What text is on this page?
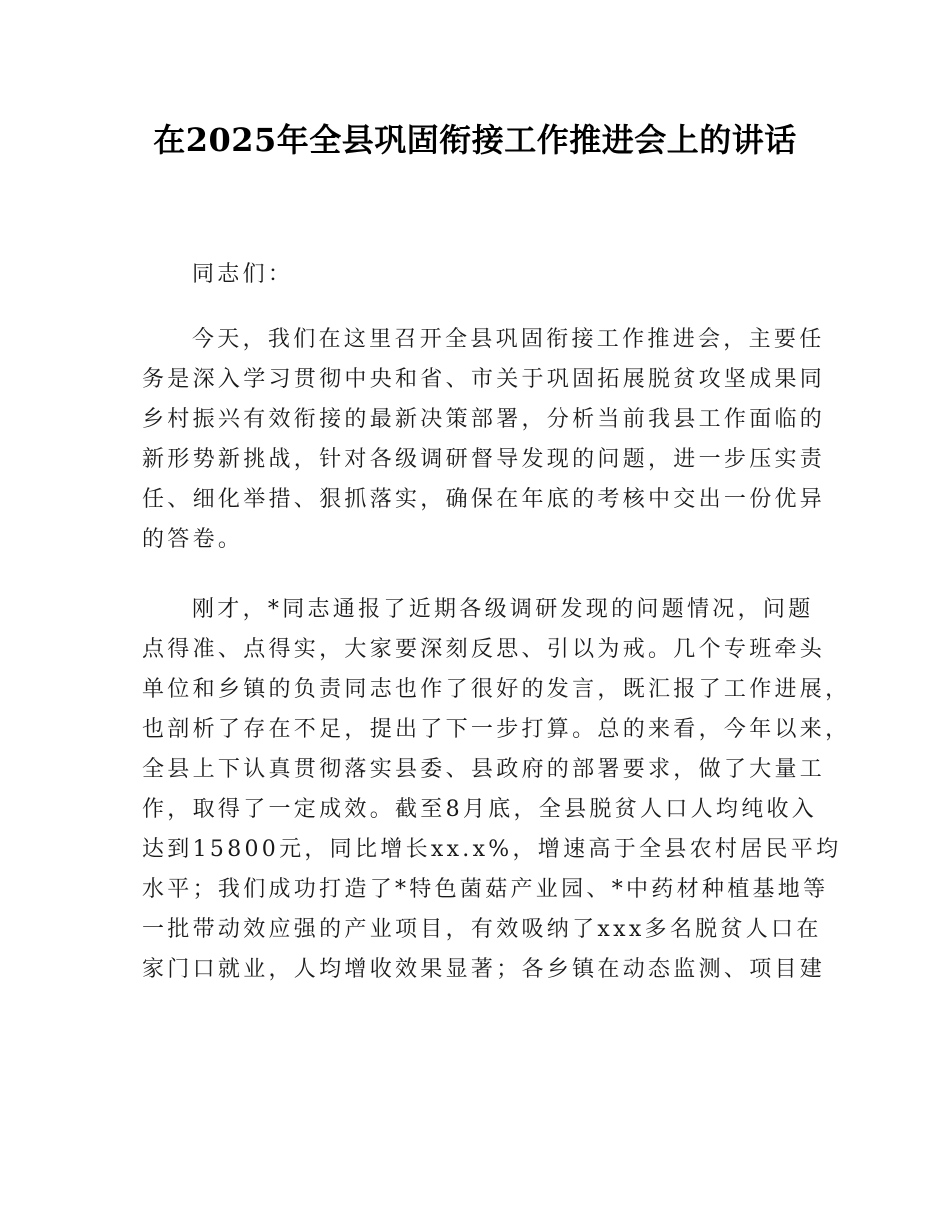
在2025年全县巩固衔接工作推进会上的讲话
同志们：
今天，我们在这里召开全县巩固衔接工作推进会，主要任
务是深入学习贯彻中央和省、市关于巩固拓展脱贫攻坚成果同
乡村振兴有效衔接的最新决策部署，分析当前我县工作面临的
新形势新挑战，针对各级调研督导发现的问题，进一步压实责
任、细化举措、狠抓落实，确保在年底的考核中交出一份优异
的答卷。
刚才，*同志通报了近期各级调研发现的问题情况，问题
点得准、点得实，大家要深刻反思、引以为戒。几个专班牵头
单位和乡镇的负责同志也作了很好的发言，既汇报了工作进展，
也剖析了存在不足，提出了下一步打算。总的来看，今年以来，
全县上下认真贯彻落实县委、县政府的部署要求，做了大量工
作，取得了一定成效。截至8月底，全县脱贫人口人均纯收入
达到15800元，同比增长xx.x%，增速高于全县农村居民平均
水平；我们成功打造了*特色菌菇产业园、*中药材种植基地等
一批带动效应强的产业项目，有效吸纳了xxx多名脱贫人口在
家门口就业，人均增收效果显著；各乡镇在动态监测、项目建
